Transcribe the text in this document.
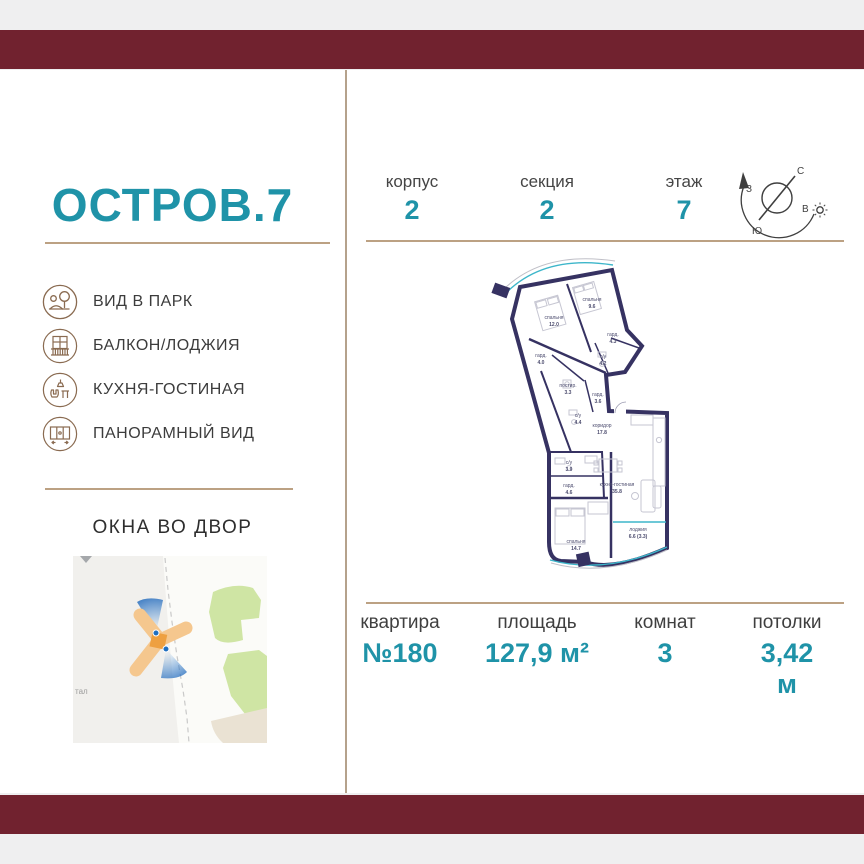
ОСТРОВ.7
ВИД В ПАРК
БАЛКОН/ЛОДЖИЯ
КУХНЯ-ГОСТИНАЯ
ПАНОРАМНЫЙ ВИД
ОКНА ВО ДВОР
тал
корпус
2
секция
2
этаж
7
С
Ю
З
В
спальня
12.0
спальня
9.6
гард.
4.3
с/у
4.2
гард.
4.0
постир.
3.3	гард.
3.6
с/у
4.4 коридор
17.8
с/у
3.9
гард.
4.6
кухня-гостиная
35.8
спальня
14.7
лоджия
6.6 (3.3)
квартира
№180
площадь
127,9 м²
комнат
3
потолки
3,42 м
